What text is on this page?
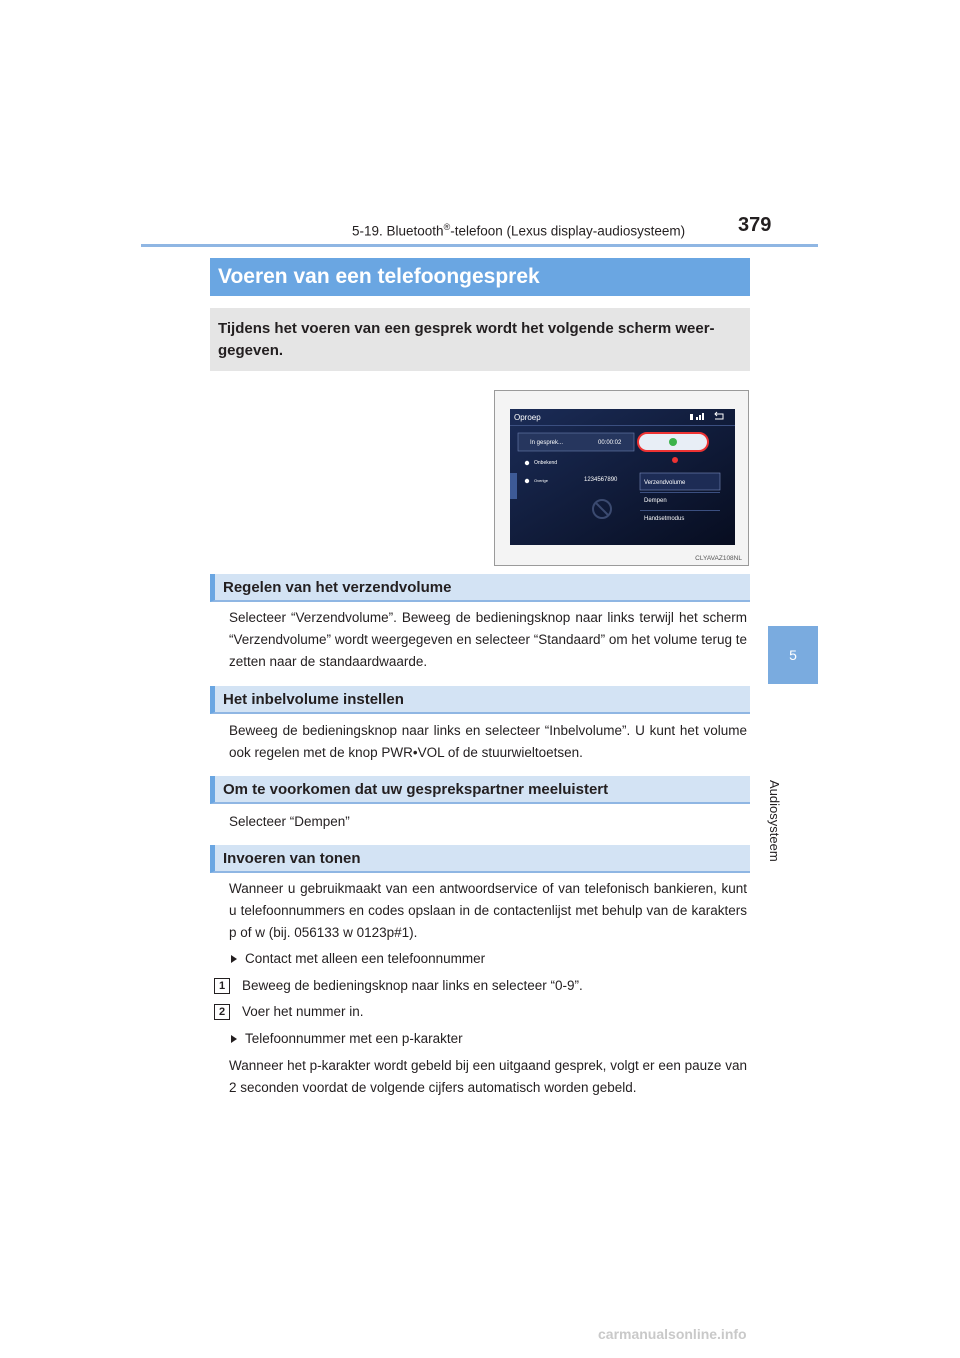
5-19. Bluetooth®-telefoon (Lexus display-audiosysteem)	379
5
Audiosysteem
Voeren van een telefoongesprek
Tijdens het voeren van een gesprek wordt het volgende scherm weer-gegeven.
Oproep
In gesprek...	00:00:02
Onbekend
Overige	1234567890	Verzendvolume
Dempen
Handsetmodus
CLYAVAZ108NL
Regelen van het verzendvolume
Selecteer “Verzendvolume”. Beweeg de bedieningsknop naar links terwijl het scherm “Verzendvolume” wordt weergegeven en selecteer “Standaard” om het volume terug te zetten naar de standaardwaarde.
Het inbelvolume instellen
Beweeg de bedieningsknop naar links en selecteer “Inbelvolume”. U kunt het volume ook regelen met de knop PWR•VOL of de stuurwieltoetsen.
Om te voorkomen dat uw gesprekspartner meeluistert
Selecteer “Dempen”
Invoeren van tonen
Wanneer u gebruikmaakt van een antwoordservice of van telefonisch bankieren, kunt u telefoonnummers en codes opslaan in de contactenlijst met behulp van de karakters p of w (bij. 056133 w 0123p#1).
Contact met alleen een telefoonnummer
1	Beweeg de bedieningsknop naar links en selecteer “0-9”.
2	Voer het nummer in.
Telefoonnummer met een p-karakter
Wanneer het p-karakter wordt gebeld bij een uitgaand gesprek, volgt er een pauze van 2 seconden voordat de volgende cijfers automatisch worden gebeld.
carmanualsonline.info
